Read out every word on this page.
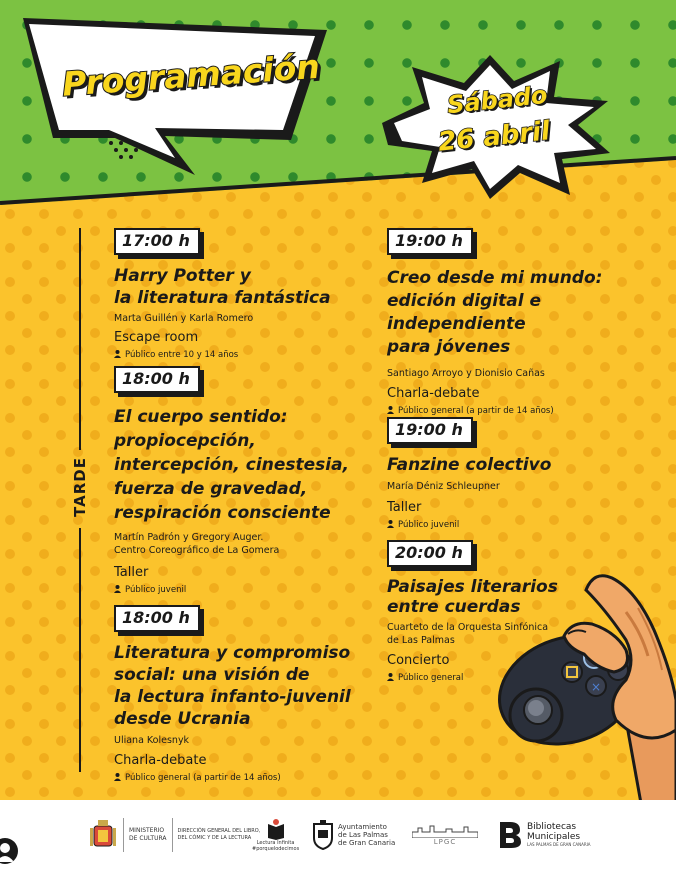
Programación	Sábado
26 abril
TARDE
17:00 h
Harry Potter y
la literatura fantástica
Marta Guillén y Karla Romero
Escape room
Público entre 10 y 14 años
18:00 h
El cuerpo sentido:
propiocepción,
intercepción, cinestesia,
fuerza de gravedad,
respiración consciente
Martín Padrón y Gregory Auger.
Centro Coreográfico de La Gomera
Taller
Público juvenil
18:00 h
Literatura y compromiso
social: una visión de
la lectura infanto-juvenil
desde Ucrania
Uliana Kolesnyk
Charla-debate
Público general (a partir de 14 años)
19:00 h
Creo desde mi mundo:
edición digital e
independiente
para jóvenes
Santiago Arroyo y Dionisio Cañas
Charla-debate
Público general (a partir de 14 años)
19:00 h
Fanzine colectivo
María Déniz Schleupner
Taller
Público juvenil
20:00 h
Paisajes literarios
entre cuerdas
Cuarteto de la Orquesta Sinfónica
de Las Palmas
Concierto
Público general
×
MINISTERIO
DE CULTURA
DIRECCIÓN GENERAL DEL LIBRO,
DEL CÓMIC Y DE LA LECTURA
Lectura Infinita
#porquelodecimos
Ayuntamiento
de Las Palmas
de Gran Canaria	LPGC
Bibliotecas
Municipales
LAS PALMAS DE GRAN CANARIA
